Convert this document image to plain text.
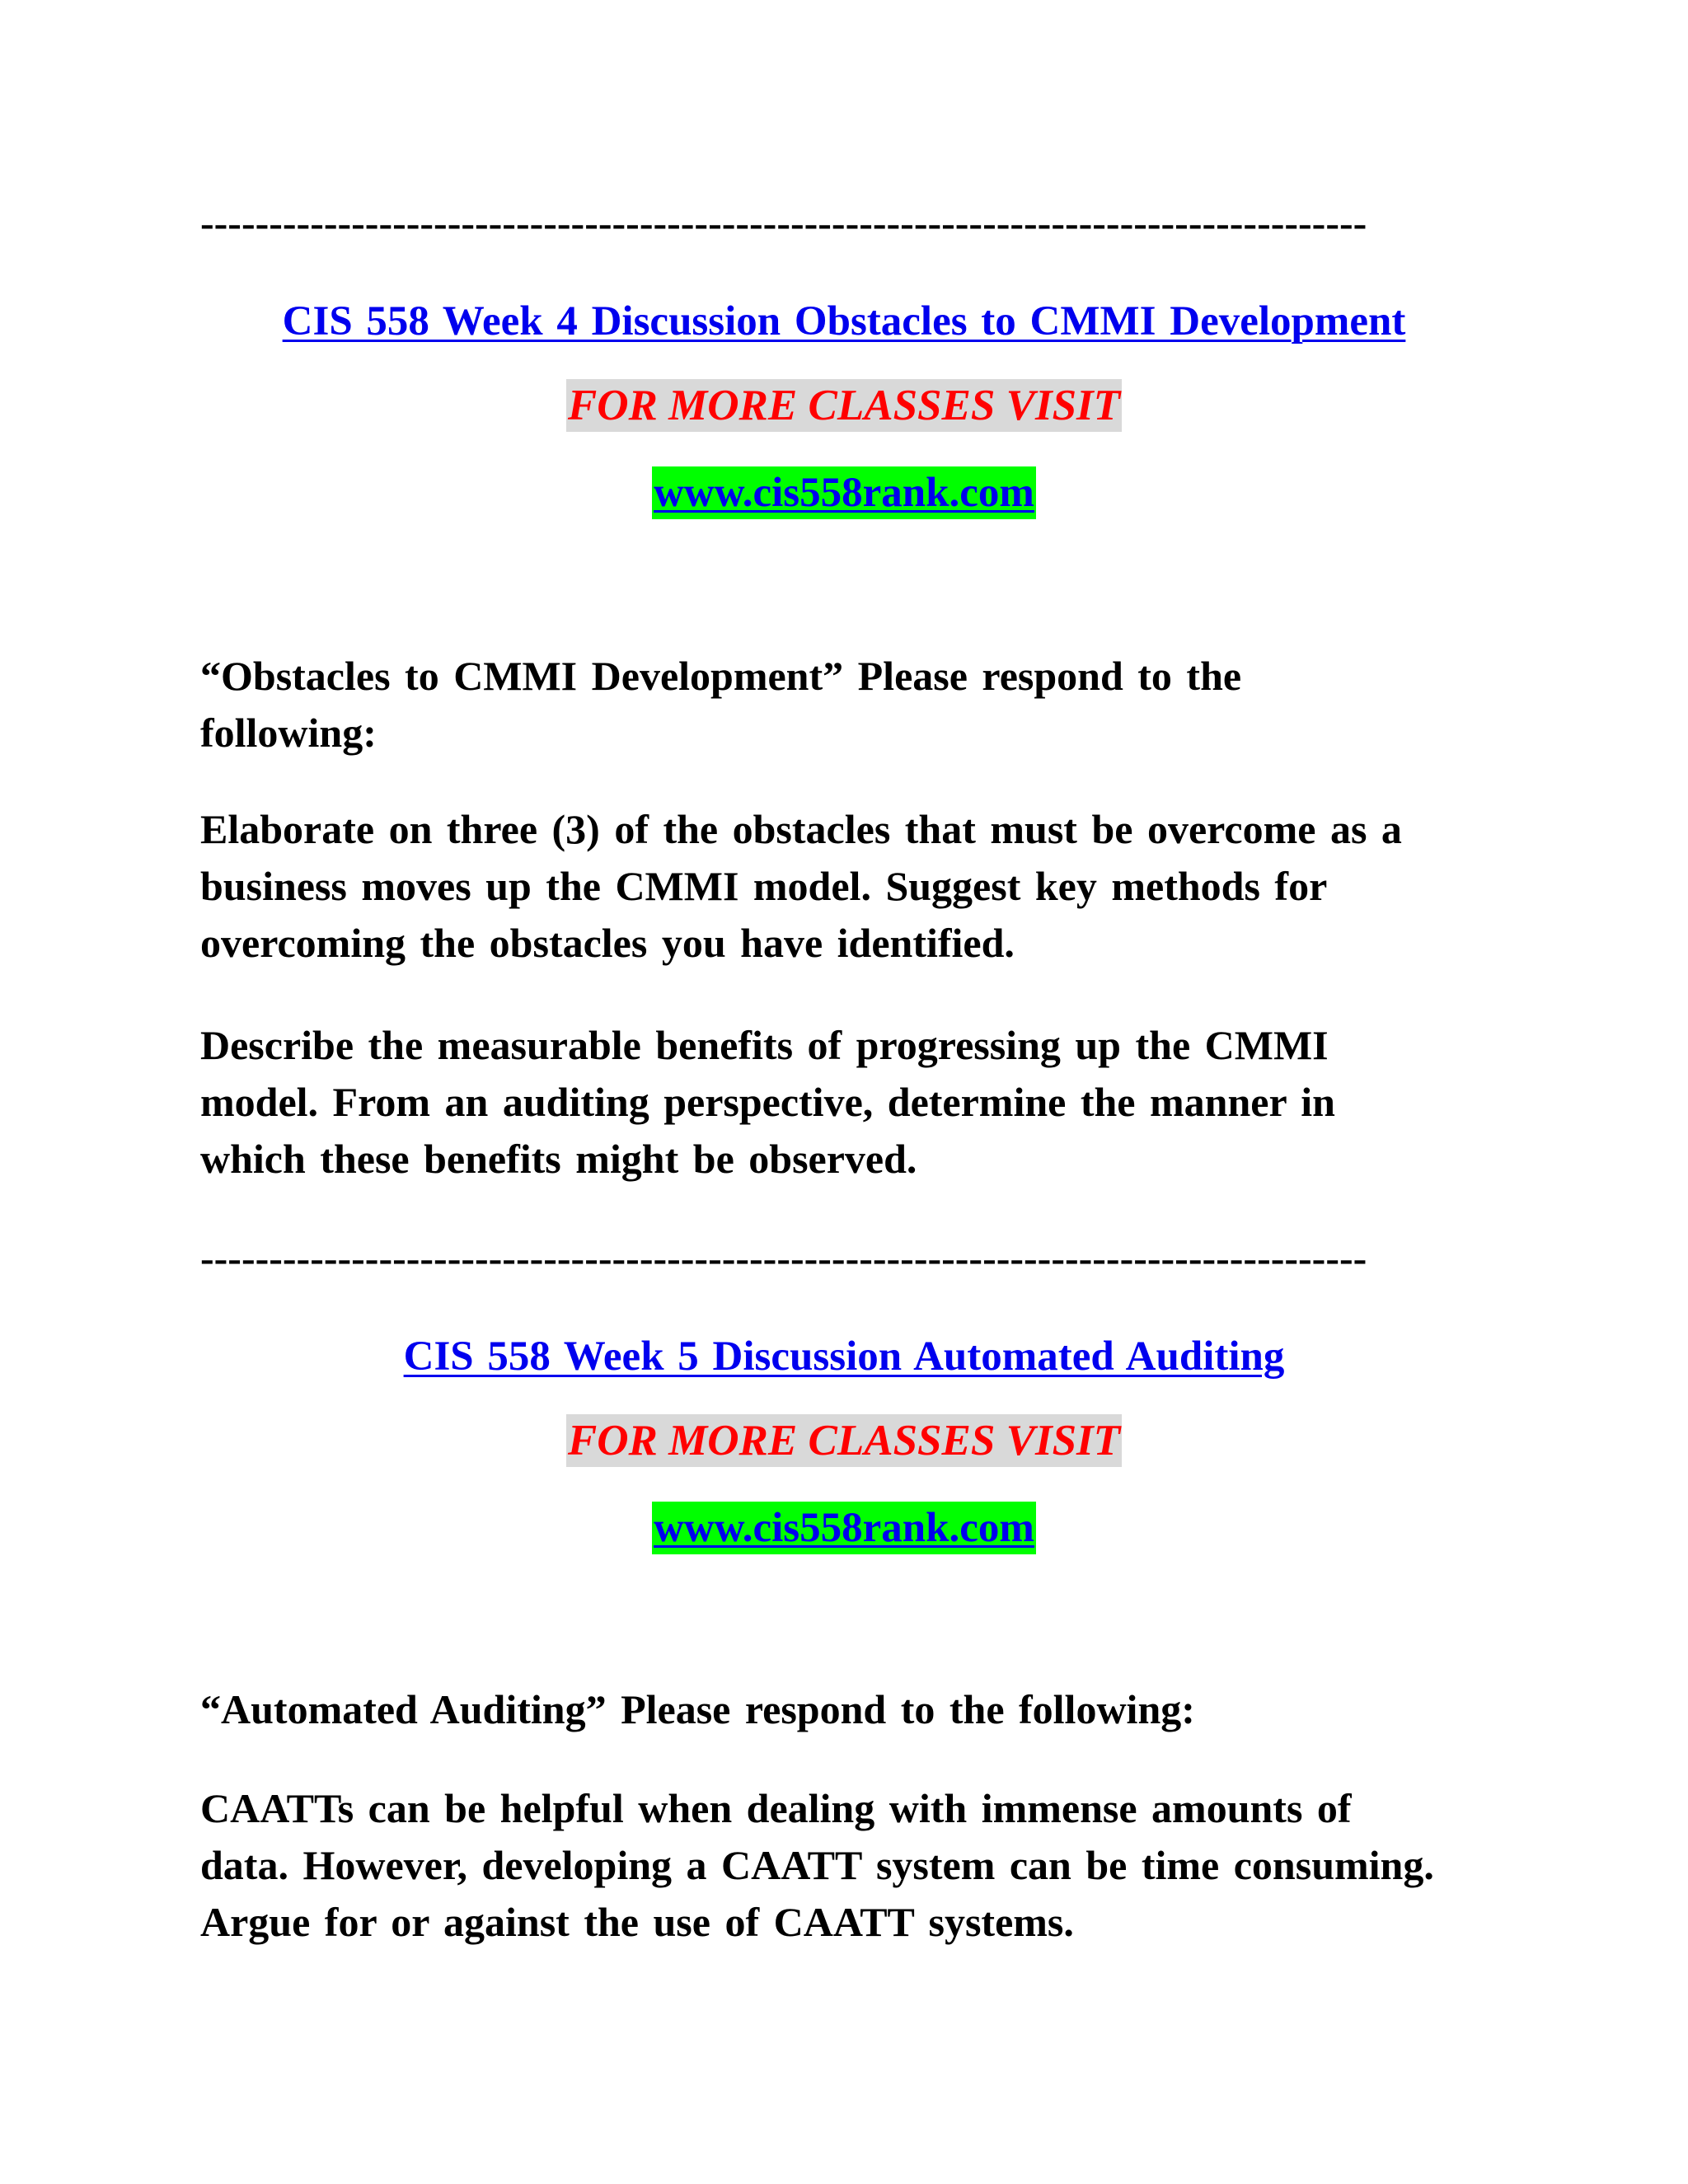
-------------------------------------------------------------------------------------
CIS 558 Week 4 Discussion Obstacles to CMMI Development
FOR MORE CLASSES VISIT
www.cis558rank.com
“Obstacles to CMMI Development” Please respond to the
following:
Elaborate on three (3) of the obstacles that must be overcome as a
business moves up the CMMI model. Suggest key methods for
overcoming the obstacles you have identified.
Describe the measurable benefits of progressing up the CMMI
model. From an auditing perspective, determine the manner in
which these benefits might be observed.
-------------------------------------------------------------------------------------
CIS 558 Week 5 Discussion Automated Auditing
FOR MORE CLASSES VISIT
www.cis558rank.com
“Automated Auditing” Please respond to the following:
CAATTs can be helpful when dealing with immense amounts of
data. However, developing a CAATT system can be time consuming.
Argue for or against the use of CAATT systems.
